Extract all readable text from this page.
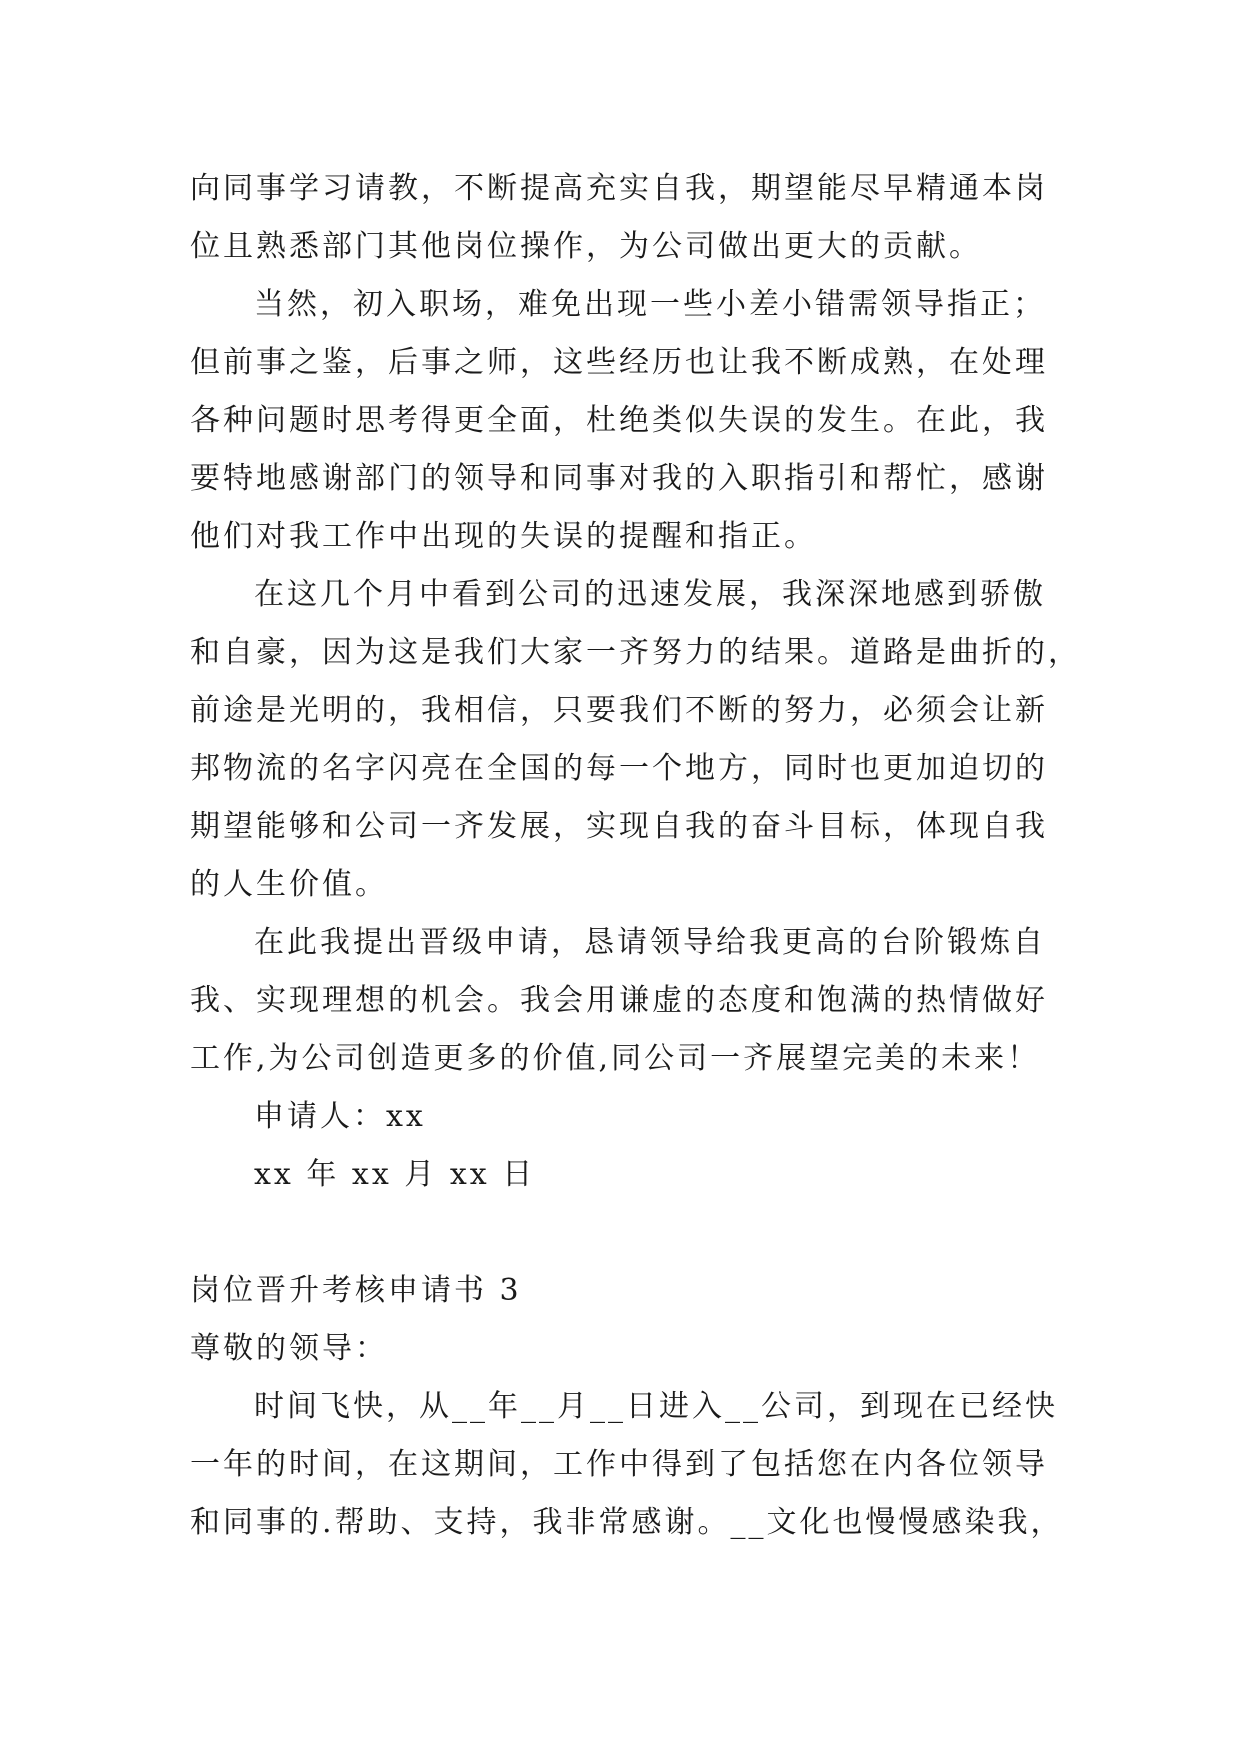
向同事学习请教，不断提高充实自我，期望能尽早精通本岗
位且熟悉部门其他岗位操作，为公司做出更大的贡献。
当然，初入职场，难免出现一些小差小错需领导指正；
但前事之鉴，后事之师，这些经历也让我不断成熟，在处理
各种问题时思考得更全面，杜绝类似失误的发生。在此，我
要特地感谢部门的领导和同事对我的入职指引和帮忙，感谢
他们对我工作中出现的失误的提醒和指正。
在这几个月中看到公司的迅速发展，我深深地感到骄傲
和自豪，因为这是我们大家一齐努力的结果。道路是曲折的，
前途是光明的，我相信，只要我们不断的努力，必须会让新
邦物流的名字闪亮在全国的每一个地方，同时也更加迫切的
期望能够和公司一齐发展，实现自我的奋斗目标，体现自我
的人生价值。
在此我提出晋级申请，恳请领导给我更高的台阶锻炼自
我、实现理想的机会。我会用谦虚的态度和饱满的热情做好
工作,为公司创造更多的价值,同公司一齐展望完美的未来！
申请人：xx
xx 年 xx 月 xx 日
岗位晋升考核申请书 3
尊敬的领导：
时间飞快，从__年__月__日进入__公司，到现在已经快
一年的时间，在这期间，工作中得到了包括您在内各位领导
和同事的.帮助、支持，我非常感谢。__文化也慢慢感染我，
